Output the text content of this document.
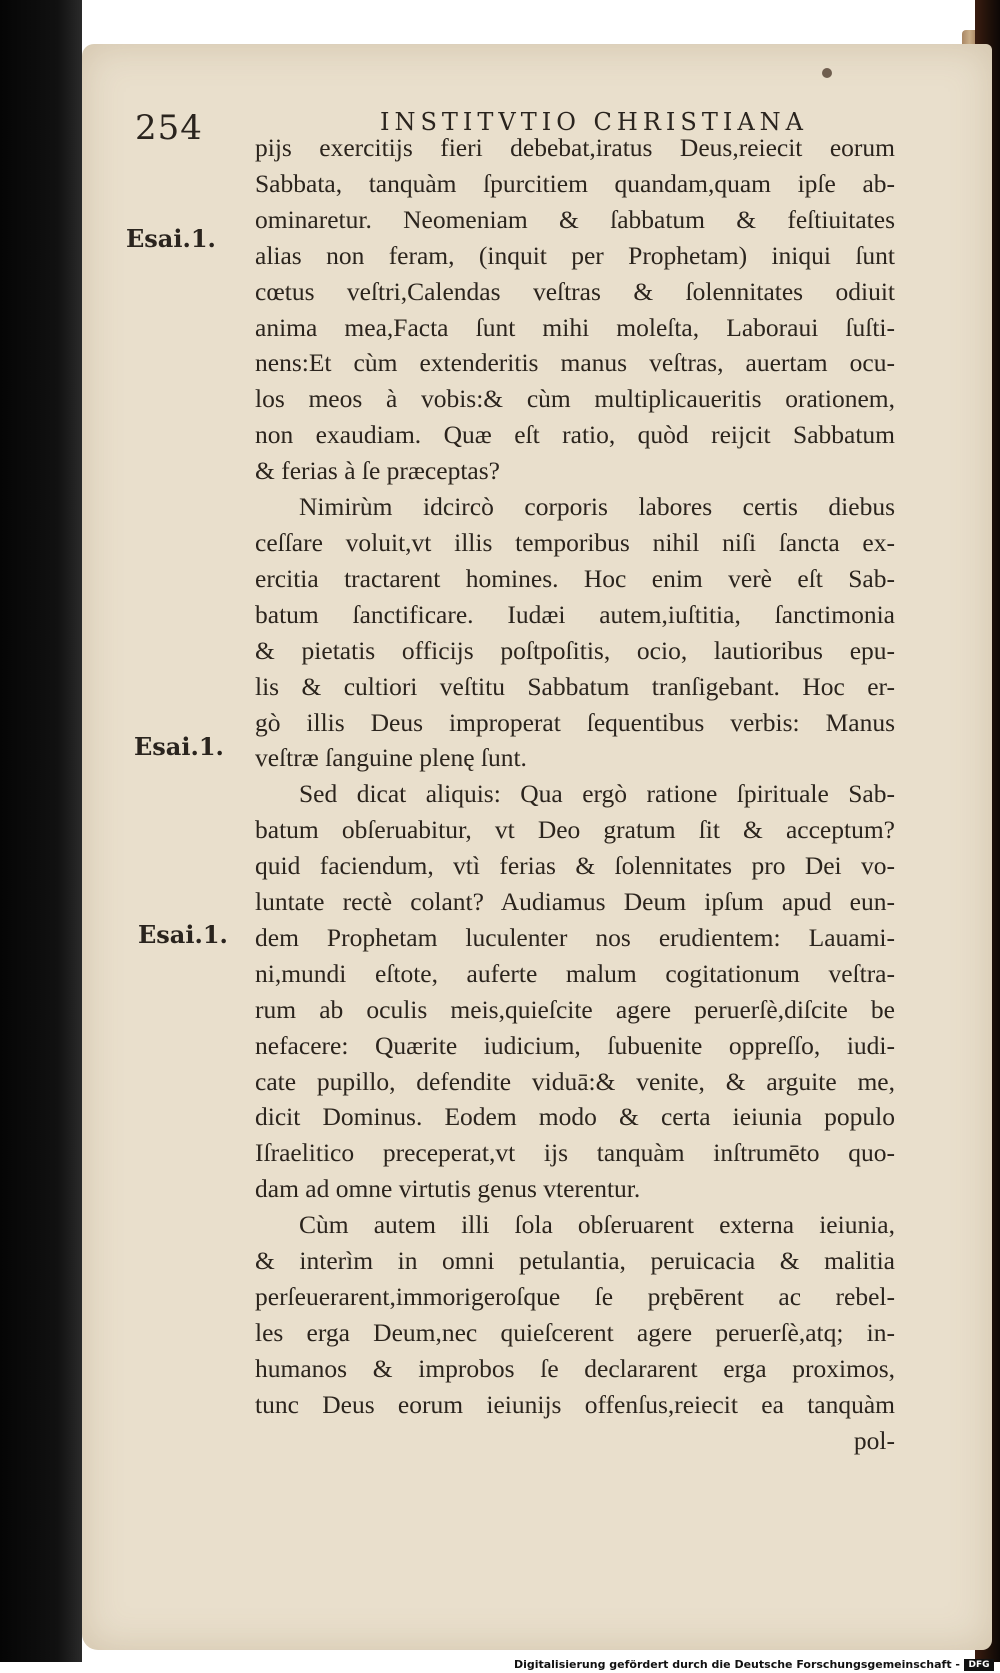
254	INSTITVTIO CHRISTIANA
Esai.1.
Esai.1.
Esai.1.
pijs exercitijs fieri debebat,iratus Deus,reiecit eorum
Sabbata, tanquàm ſpurcitiem quandam,quam ipſe ab-
ominaretur. Neomeniam & ſabbatum & feſtiuitates
alias non feram, (inquit per Prophetam) iniqui ſunt
cœtus veſtri,Calendas veſtras & ſolennitates odiuit
anima mea,Facta ſunt mihi moleſta, Laboraui ſuſti-
nens:Et cùm extenderitis manus veſtras, auertam ocu-
los meos à vobis:& cùm multiplicaueritis orationem,
non exaudiam. Quæ eſt ratio, quòd reijcit Sabbatum
& ferias à ſe præceptas?
Nimirùm idcircò corporis labores certis diebus
ceſſare voluit,vt illis temporibus nihil niſi ſancta ex-
ercitia tractarent homines. Hoc enim verè eſt Sab-
batum ſanctificare. Iudæi autem,iuſtitia, ſanctimonia
& pietatis officijs poſtpoſitis, ocio, lautioribus epu-
lis & cultiori veſtitu Sabbatum tranſigebant. Hoc er-
gò illis Deus improperat ſequentibus verbis: Manus
veſtræ ſanguine plenę ſunt.
Sed dicat aliquis: Qua ergò ratione ſpirituale Sab-
batum obſeruabitur, vt Deo gratum ſit & acceptum?
quid faciendum, vtì ferias & ſolennitates pro Dei vo-
luntate rectè colant? Audiamus Deum ipſum apud eun-
dem Prophetam luculenter nos erudientem: Lauami-
ni,mundi eſtote, auferte malum cogitationum veſtra-
rum ab oculis meis,quieſcite agere peruerſè,diſcite be
nefacere: Quærite iudicium, ſubuenite oppreſſo, iudi-
cate pupillo, defendite viduā:& venite, & arguite me,
dicit Dominus. Eodem modo & certa ieiunia populo
Iſraelitico preceperat,vt ijs tanquàm inſtrumēto quo-
dam ad omne virtutis genus vterentur.
Cùm autem illi ſola obſeruarent externa ieiunia,
& interìm in omni petulantia, peruicacia & malitia
perſeuerarent,immorigeroſque ſe prębērent ac rebel-
les erga Deum,nec quieſcerent agere peruerſè,atq; in-
humanos & improbos ſe declararent erga proximos,
tunc Deus eorum ieiunijs offenſus,reiecit ea tanquàm
pol-
Digitalisierung gefördert durch die Deutsche Forschungsgemeinschaft - DFG
